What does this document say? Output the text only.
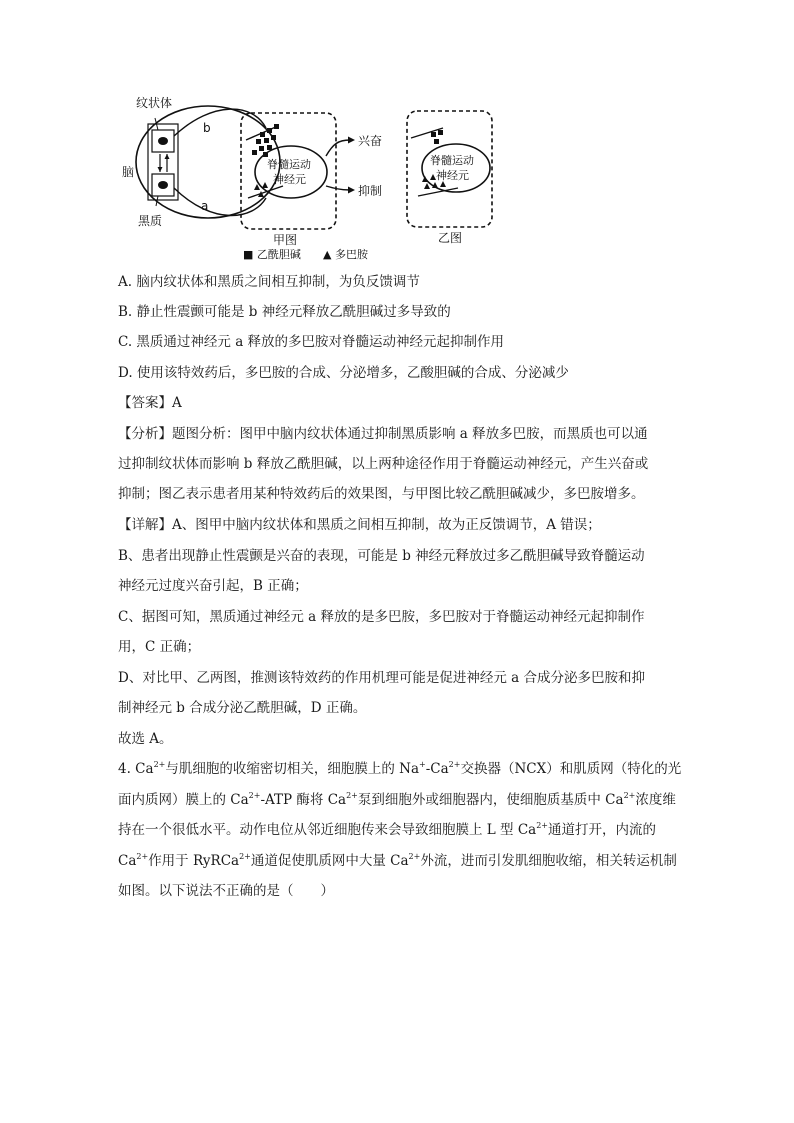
纹状体
脑
黑质
b
a
脊髓运动
神经元
兴奋
抑制
甲图
脊髓运动
神经元
乙图
■ 乙酰胆碱 ▲ 多巴胺
A. 脑内纹状体和黑质之间相互抑制，为负反馈调节
B. 静止性震颤可能是 b 神经元释放乙酰胆碱过多导致的
C. 黑质通过神经元 a 释放的多巴胺对脊髓运动神经元起抑制作用
D. 使用该特效药后，多巴胺的合成、分泌增多，乙酸胆碱的合成、分泌减少
【答案】A
【分析】题图分析：图甲中脑内纹状体通过抑制黑质影响 a 释放多巴胺，而黑质也可以通
过抑制纹状体而影响 b 释放乙酰胆碱，以上两种途径作用于脊髓运动神经元，产生兴奋或
抑制；图乙表示患者用某种特效药后的效果图，与甲图比较乙酰胆碱减少，多巴胺增多。
【详解】A、图甲中脑内纹状体和黑质之间相互抑制，故为正反馈调节，A 错误；
B、患者出现静止性震颤是兴奋的表现，可能是 b 神经元释放过多乙酰胆碱导致脊髓运动
神经元过度兴奋引起，B 正确；
C、据图可知，黑质通过神经元 a 释放的是多巴胺，多巴胺对于脊髓运动神经元起抑制作
用，C 正确；
D、对比甲、乙两图，推测该特效药的作用机理可能是促进神经元 a 合成分泌多巴胺和抑
制神经元 b 合成分泌乙酰胆碱，D 正确。
故选 A。
4. $Ca^{2+}$与肌细胞的收缩密切相关，细胞膜上的 $Na^+-Ca^{2+}$交换器（NCX）和肌质网（特化的光
面内质网）膜上的 $Ca^{2+}$-ATP 酶将 $Ca^{2+}$泵到细胞外或细胞器内，使细胞质基质中 $Ca^{2+}$浓度维
持在一个很低水平。动作电位从邻近细胞传来会导致细胞膜上 L 型 $Ca^{2+}$通道打开，内流的
$Ca^{2+}$作用于 RyRCa$^{2+}$通道促使肌质网中大量 $Ca^{2+}$外流，进而引发肌细胞收缩，相关转运机制
如图。以下说法不正确的是（　　）
